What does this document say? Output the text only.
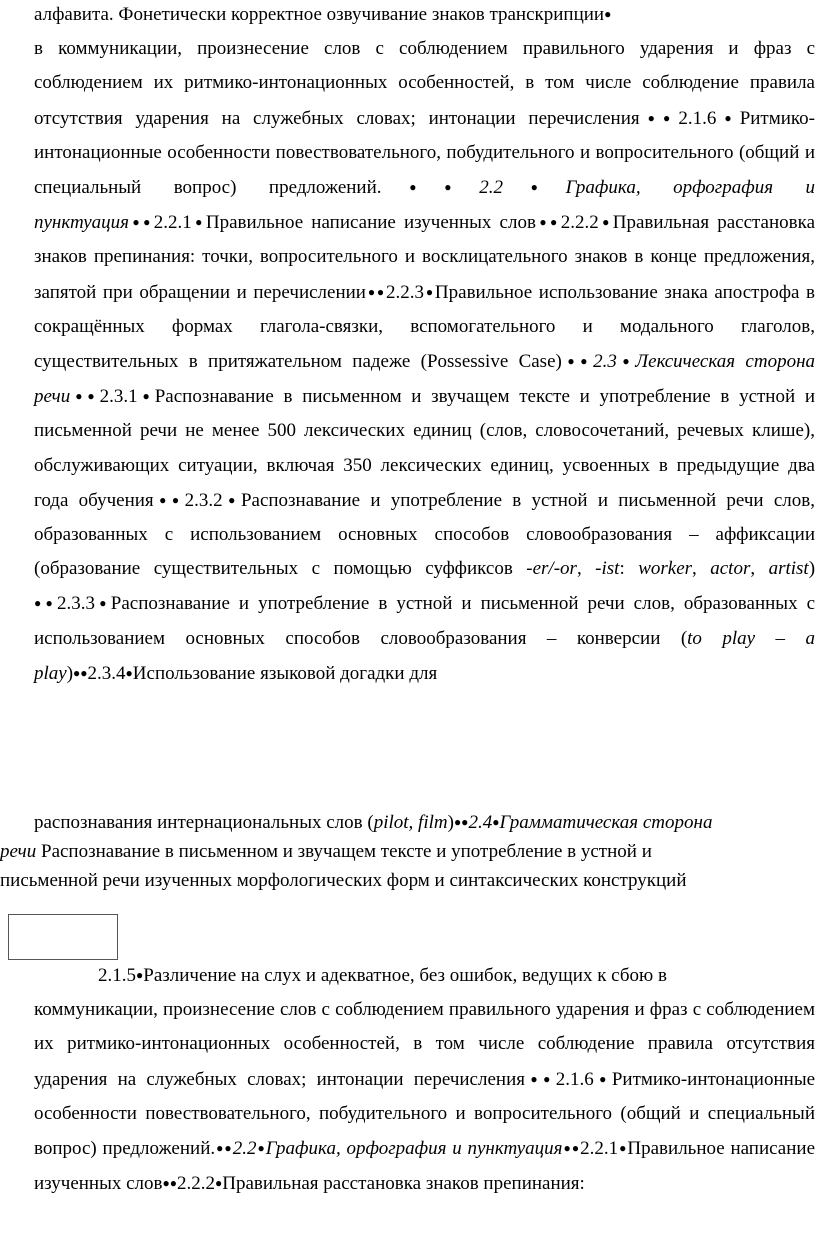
алфавита. Фонетически корректное озвучивание знаков транскрипции●
в коммуникации, произнесение слов с соблюдением правильного ударения и фраз с соблюдением их ритмико-интонационных особенностей, в том числе соблюдение правила отсутствия ударения на служебных словах; интонации перечисления●●2.1.6●Ритмико-интонационные особенности повествовательного, побудительного и вопросительного (общий и специальный вопрос) предложений.●●2.2●Графика, орфография и пунктуация●●2.2.1●Правильное написание изученных слов●●2.2.2●Правильная расстановка знаков препинания: точки, вопросительного и восклицательного знаков в конце предложения, запятой при обращении и перечислении●●2.2.3●Правильное использование знака апострофа в сокращённых формах глагола-связки, вспомогательного и модального глаголов, существительных в притяжательном падеже (Possessive Case)●●2.3●Лексическая сторона речи●●2.3.1●Распознавание в письменном и звучащем тексте и употребление в устной и письменной речи не менее 500 лексических единиц (слов, словосочетаний, речевых клише), обслуживающих ситуации, включая 350 лексических единиц, усвоенных в предыдущие два года обучения●●2.3.2●Распознавание и употребление в устной и письменной речи слов, образованных с использованием основных способов словообразования – аффиксации (образование существительных с помощью суффиксов -er/-or, -ist: worker, actor, artist) ●●2.3.3●Распознавание и употребление в устной и письменной речи слов, образованных с использованием основных способов словообразования – конверсии (to play – a play)●●2.3.4●Использование языковой догадки для

распознавания интернациональных слов (pilot, film)●●2.4●Грамматическая сторона
речи Распознавание в письменном и звучащем тексте и употребление в устной и
письменной речи изученных морфологических форм и синтаксических конструкций

2.1.5●Различение на слух и адекватное, без ошибок, ведущих к сбою в
коммуникации, произнесение слов с соблюдением правильного ударения и фраз с соблюдением их ритмико-интонационных особенностей, в том числе соблюдение правила отсутствия ударения на служебных словах; интонации перечисления●●2.1.6●Ритмико-интонационные особенности повествовательного, побудительного и вопросительного (общий и специальный вопрос) предложений.●●2.2●Графика, орфография и пунктуация●●2.2.1●Правильное написание изученных слов●●2.2.2●Правильная расстановка знаков препинания:
